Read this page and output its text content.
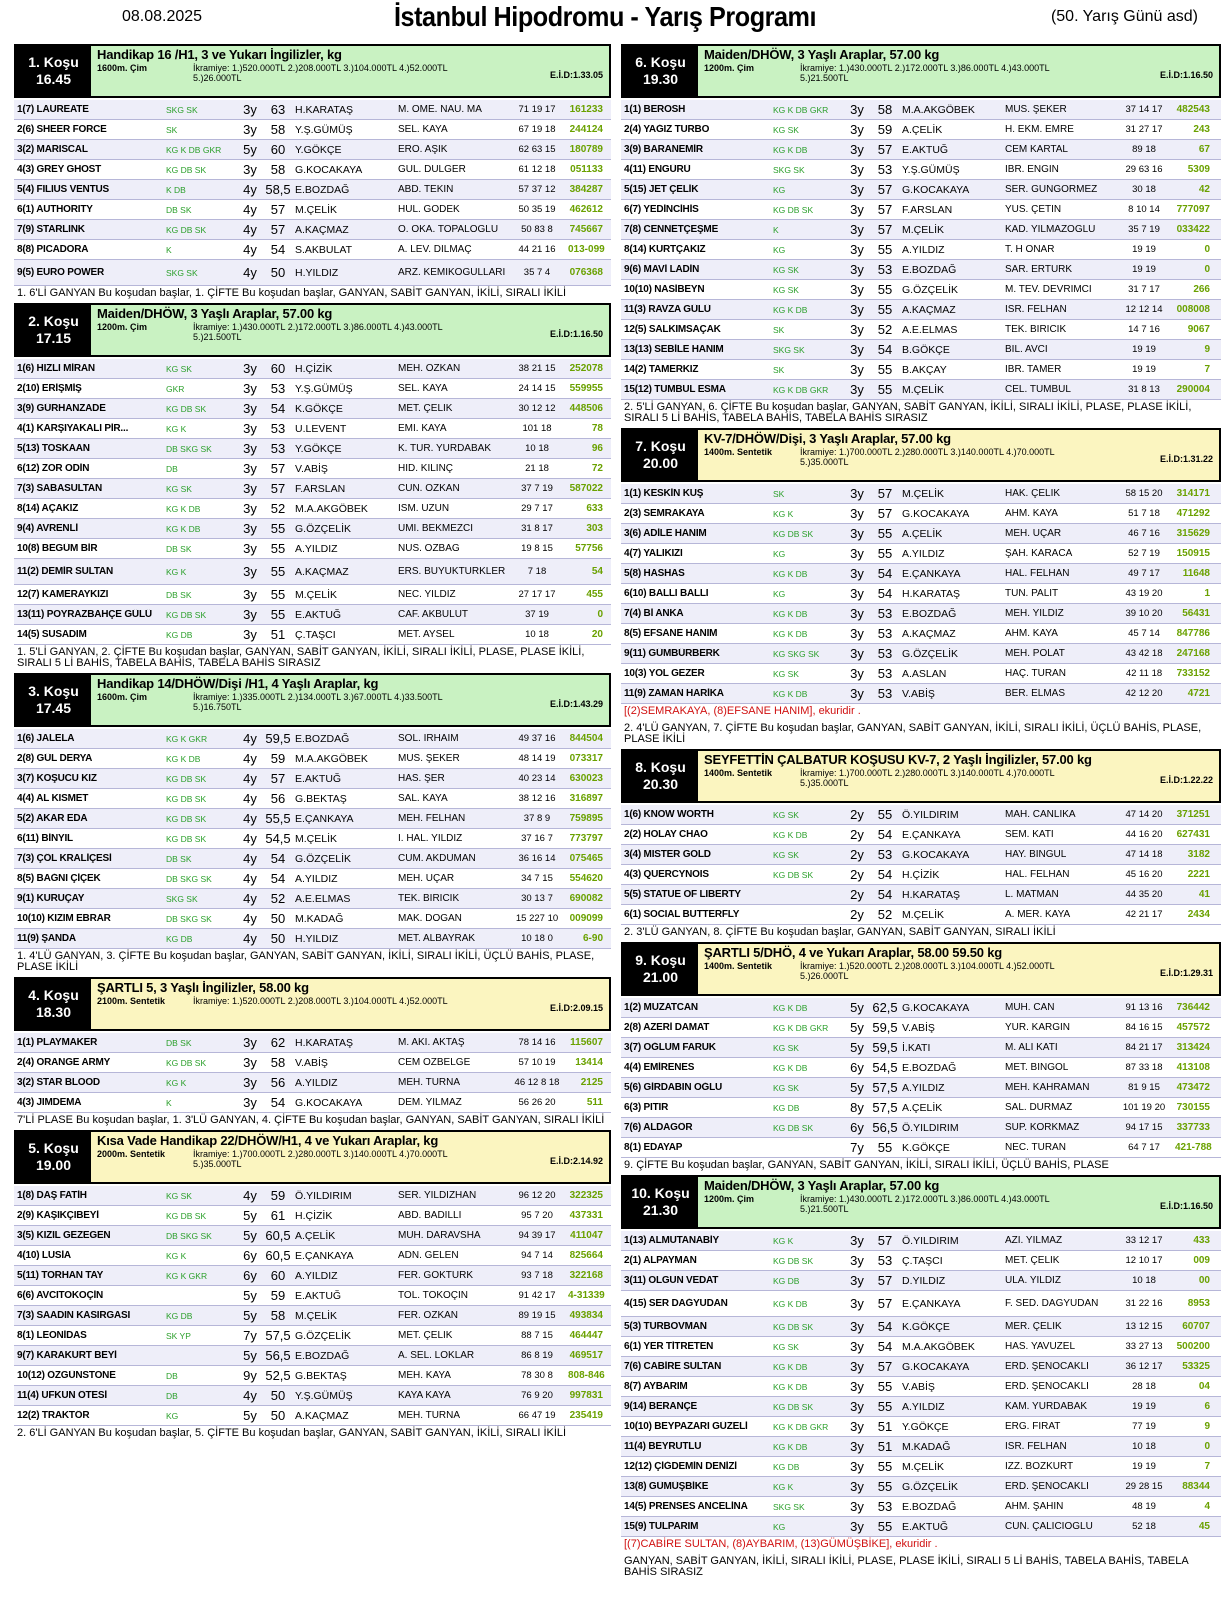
08.08.2025	İstanbul Hipodromu - Yarış Programı	(50. Yarış Günü asd)
1. Koşu
16.45
Handikap 16 /H1, 3 ve Yukarı İngilizler, kg
1600m. Çim	İkramiye: 1.)520.000TL 2.)208.000TL 3.)104.000TL 4.)52.000TL 5.)26.000TL	E.İ.D:1.33.05
1(7) LAUREATE	SKG SK	3y	63 H.KARATAŞ	M. ÖME. NAU. MA	71 19 17	161233
2(6) SHEER FORCE	SK	3y	58 Y.Ş.GÜMÜŞ	SEL. KAYA	67 19 18	244124
3(2) MARISCAL	KG K DB GKR	5y	60 Y.GÖKÇE	ERO. AŞIK	62 63 15	180789
4(3) GREY GHOST	KG DB SK	3y	58 G.KOCAKAYA	GÜL. DÜLGER	61 12 18	051133
5(4) FILIUS VENTUS	K DB	4y 58,5 E.BOZDAĞ	ABD. TEKİN	57 37 12	384287
6(1) AUTHORITY	DB SK	4y	57 M.ÇELİK	HÜL. GÖDEK	50 35 19	462612
7(9) STARLINK	KG DB SK	4y	57 A.KAÇMAZ	O. OKA. TOPALOĞLU	50 83 8	745667
8(8) PICADORA	K	4y	54 S.AKBULAT	A. LEV. DİLMAÇ	44 21 16	013-099
9(5) EURO POWER	SKG SK	4y	50 H.YILDIZ	ARZ. KEMİKOĞULLARI	35 7 4	076368
1. 6'Lİ GANYAN Bu koşudan başlar, 1. ÇİFTE Bu koşudan başlar, GANYAN, SABİT GANYAN, İKİLİ, SIRALI İKİLİ
2. Koşu
17.15
Maiden/DHÖW, 3 Yaşlı Araplar, 57.00 kg
1200m. Çim	İkramiye: 1.)430.000TL 2.)172.000TL 3.)86.000TL 4.)43.000TL 5.)21.500TL	E.İ.D:1.16.50
1(6) HIZLI MİRAN	KG SK	3y	60 H.ÇİZİK	MEH. ÖZKAN	38 21 15	252078
2(10) ERİŞMİŞ	GKR	3y	53 Y.Ş.GÜMÜŞ	SEL. KAYA	24 14 15	559955
3(9) GÜRHANZADE	KG DB SK	3y	54 K.GÖKÇE	MET. ÇELİK	30 12 12	448506
4(1) KARŞIYAKALI PİR...	KG K	3y	53 U.LEVENT	EMİ. KAYA	101 18	78
5(13) TOSKAAN	DB SKG SK	3y	53 Y.GÖKÇE	K. TUR. YURDABAK	10 18	96
6(12) ZOR ODİN	DB	3y	57 V.ABİŞ	HID. KILINÇ	21 18	72
7(3) SABASULTAN	KG SK	3y	57 F.ARSLAN	CÜN. ÖZKAN	37 7 19	587022
8(14) AÇAKIZ	KG K DB	3y	52 M.A.AKGÖBEK	İSM. UZUN	29 7 17	633
9(4) AVRENLİ	KG K DB	3y	55 G.ÖZÇELİK	ÜMİ. BEKMEZCİ	31 8 17	303
10(8) BEGÜM BİR	DB SK	3y	55 A.YILDIZ	NUS. ÖZBAĞ	19 8 15	57756
11(2) DEMİR SULTAN	KG K	3y	55 A.KAÇMAZ	ERS. BÜYÜKTÜRKLER	7 18	54
12(7) KAMERAYKIZI	DB SK	3y	55 M.ÇELİK	NEC. YILDIZ	27 17 17	455
13(11) POYRAZBAHÇE GÜLÜ	KG DB SK	3y	55 E.AKTUĞ	CAF. AKBULUT	37 19	0
14(5) SUSADIM	KG DB	3y	51 Ç.TAŞCI	MET. AYSEL	10 18	20
1. 5'Lİ GANYAN, 2. ÇİFTE Bu koşudan başlar, GANYAN, SABİT GANYAN, İKİLİ, SIRALI İKİLİ, PLASE, PLASE İKİLİ, SIRALI 5 Lİ BAHİS, TABELA BAHİS, TABELA BAHİS SIRASIZ
3. Koşu
17.45
Handikap 14/DHÖW/Dişi /H1, 4 Yaşlı Araplar, kg
1600m. Çim	İkramiye: 1.)335.000TL 2.)134.000TL 3.)67.000TL 4.)33.500TL 5.)16.750TL	E.İ.D:1.43.29
1(6) JALELA	KG K GKR	4y 59,5 E.BOZDAĞ	SOL. IRHAIM	49 37 16	844504
2(8) GÜL DERYA	KG K DB	4y	59 M.A.AKGÖBEK	MÜS. ŞEKER	48 14 19	073317
3(7) KOŞUCU KIZ	KG DB SK	4y	57 E.AKTUĞ	HAS. ŞER	40 23 14	630023
4(4) AL KISMET	KG DB SK	4y	56 G.BEKTAŞ	SAL. KAYA	38 12 16	316897
5(2) AKAR EDA	KG DB SK	4y 55,5 E.ÇANKAYA	MEH. FELHAN	37 8 9	759895
6(11) BİNYIL	KG DB SK	4y 54,5 M.ÇELİK	İ. HAL. YILDIZ	37 16 7	773797
7(3) ÇÖL KRALİÇESİ	DB SK	4y	54 G.ÖZÇELİK	CUM. AKDUMAN	36 16 14	075465
8(5) BAĞNI ÇİÇEK	DB SKG SK	4y	54 A.YILDIZ	MEH. UÇAR	34 7 15	554620
9(1) KURUÇAY	SKG SK	4y	52 A.E.ELMAS	TEK. BİRİCİK	30 13 7	690082
10(10) KIZIM EBRAR	DB SKG SK	4y	50 M.KADAĞ	MAK. DOĞAN	15 227 10	009099
11(9) ŞANDA	KG DB	4y	50 H.YILDIZ	MET. ALBAYRAK	10 18 0	6-90
1. 4'LÜ GANYAN, 3. ÇİFTE Bu koşudan başlar, GANYAN, SABİT GANYAN, İKİLİ, SIRALI İKİLİ, ÜÇLÜ BAHİS, PLASE, PLASE İKİLİ
4. Koşu
18.30
ŞARTLI 5, 3 Yaşlı İngilizler, 58.00 kg
2100m. Sentetik	İkramiye: 1.)520.000TL 2.)208.000TL 3.)104.000TL 4.)52.000TL
E.İ.D:2.09.15
1(1) PLAYMAKER	DB SK	3y	62 H.KARATAŞ	M. AKİ. AKTAŞ	78 14 16	115607
2(4) ORANGE ARMY	KG DB SK	3y	58 V.ABİŞ	CEM ÖZBELGE	57 10 19	13414
3(2) STAR BLOOD	KG K	3y	56 A.YILDIZ	MEH. TURNA	46 12 8 18	2125
4(3) JIMDEMA	K	3y	54 G.KOCAKAYA	DEM. YILMAZ	56 26 20	511
7'Lİ PLASE Bu koşudan başlar, 1. 3'LÜ GANYAN, 4. ÇİFTE Bu koşudan başlar, GANYAN, SABİT GANYAN, SIRALI İKİLİ
5. Koşu
19.00
Kısa Vade Handikap 22/DHÖW/H1, 4 ve Yukarı Araplar, kg
2000m. Sentetik	İkramiye: 1.)700.000TL 2.)280.000TL 3.)140.000TL 4.)70.000TL 5.)35.000TL	E.İ.D:2.14.92
1(8) DAŞ FATİH	KG SK	4y	59 Ö.YILDIRIM	SER. YILDIZHAN	96 12 20	322325
2(9) KAŞIKÇIBEYİ	KG DB SK	5y	61 H.ÇİZİK	ABD. BADILLI	95 7 20	437331
3(5) KIZIL GEZEGEN	DB SKG SK	5y 60,5 A.ÇELİK	MUH. DARAVSHA	94 39 17	411047
4(10) LUSİA	KG K	6y 60,5 E.ÇANKAYA	ADN. GELEN	94 7 14	825664
5(11) TORHAN TAY	KG K GKR	6y	60 A.YILDIZ	FER. GÖKTÜRK	93 7 18	322168
6(6) AVCITOKOÇİN	5y	59 E.AKTUĞ	TOL. TOKOÇİN	91 42 17	4-31339
7(3) SAADIN KASIRGASI	KG DB	5y	58 M.ÇELİK	FER. ÖZKAN	89 19 15	493834
8(1) LEONİDAS	SK YP	7y 57,5 G.ÖZÇELİK	MET. ÇELİK	88 7 15	464447
9(7) KARAKURT BEYİ	5y 56,5 E.BOZDAĞ	A. SEL. LOKLAR	86 8 19	469517
10(12) ÖZGÜNSTONE	DB	9y 52,5 G.BEKTAŞ	MEH. KAYA	78 30 8	808-846
11(4) UFKUN ÖTESİ	DB	4y	50 Y.Ş.GÜMÜŞ	KAYA KAYA	76 9 20	997831
12(2) TRAKTÖR	KG	5y	50 A.KAÇMAZ	MEH. TURNA	66 47 19	235419
2. 6'Lİ GANYAN Bu koşudan başlar, 5. ÇİFTE Bu koşudan başlar, GANYAN, SABİT GANYAN, İKİLİ, SIRALI İKİLİ
6. Koşu
19.30
Maiden/DHÖW, 3 Yaşlı Araplar, 57.00 kg
1200m. Çim	İkramiye: 1.)430.000TL 2.)172.000TL 3.)86.000TL 4.)43.000TL 5.)21.500TL	E.İ.D:1.16.50
1(1) BEROSH	KG K DB GKR	3y	58 M.A.AKGÖBEK	MÜS. ŞEKER	37 14 17	482543
2(4) YAĞIZ TURBO	KG SK	3y	59 A.ÇELİK	H. EKM. EMRE	31 27 17	243
3(9) BARANEMİR	KG K DB	3y	57 E.AKTUĞ	CEM KARTAL	89 18	67
4(11) ENGÜRÜ	SKG SK	3y	53 Y.Ş.GÜMÜŞ	İBR. ENGİN	29 63 16	5309
5(15) JET ÇELİK	KG	3y	57 G.KOCAKAYA	SER. GÜNGÖRMEZ	30 18	42
6(7) YEDİNCİHİS	KG DB SK	3y	57 F.ARSLAN	YUS. ÇETİN	8 10 14	777097
7(8) CENNETÇEŞME	K	3y	57 M.ÇELİK	KAD. YILMAZOĞLU	35 7 19	033422
8(14) KURTÇAKIZ	KG	3y	55 A.YILDIZ	T. H ONAR	19 19	0
9(6) MAVİ LADİN	KG SK	3y	53 E.BOZDAĞ	SAR. ERTÜRK	19 19	0
10(10) NASİBEYN	KG SK	3y	55 G.ÖZÇELİK	M. TEV. DEVRİMCİ	31 7 17	266
11(3) RAVZA GÜLÜ	KG K DB	3y	55 A.KAÇMAZ	İSR. FELHAN	12 12 14	008008
12(5) SALKIMSAÇAK	SK	3y	52 A.E.ELMAS	TEK. BİRİCİK	14 7 16	9067
13(13) SEBİLE HANIM	SKG SK	3y	54 B.GÖKÇE	BİL. AVCI	19 19	9
14(2) TAMERKIZ	SK	3y	55 B.AKÇAY	İBR. TAMER	19 19	7
15(12) TUMBUL ESMA	KG K DB GKR	3y	55 M.ÇELİK	CEL. TUMBUL	31 8 13	290004
2. 5'Lİ GANYAN, 6. ÇİFTE Bu koşudan başlar, GANYAN, SABİT GANYAN, İKİLİ, SIRALI İKİLİ, PLASE, PLASE İKİLİ, SIRALI 5 Lİ BAHİS, TABELA BAHİS, TABELA BAHİS SIRASIZ
7. Koşu
20.00
KV-7/DHÖW/Dişi, 3 Yaşlı Araplar, 57.00 kg
1400m. Sentetik	İkramiye: 1.)700.000TL 2.)280.000TL 3.)140.000TL 4.)70.000TL 5.)35.000TL	E.İ.D:1.31.22
1(1) KESKİN KUŞ	SK	3y	57 M.ÇELİK	HAK. ÇELİK	58 15 20	314171
2(3) SEMRAKAYA	KG K	3y	57 G.KOCAKAYA	AHM. KAYA	51 7 18	471292
3(6) ADİLE HANIM	KG DB SK	3y	55 A.ÇELİK	MEH. UÇAR	46 7 16	315629
4(7) YALIKIZI	KG	3y	55 A.YILDIZ	ŞAH. KARACA	52 7 19	150915
5(8) HASHAS	KG K DB	3y	54 E.ÇANKAYA	HAL. FELHAN	49 7 17	11648
6(10) BALLI BALLI	KG	3y	54 H.KARATAŞ	TUN. PALIT	43 19 20	1
7(4) Bİ ANKA	KG K DB	3y	53 E.BOZDAĞ	MEH. YILDIZ	39 10 20	56431
8(5) EFSANE HANIM	KG K DB	3y	53 A.KAÇMAZ	AHM. KAYA	45 7 14	847786
9(11) GÜMBÜRBERK	KG SKG SK	3y	53 G.ÖZÇELİK	MEH. POLAT	43 42 18	247168
10(3) YOL GEZER	KG SK	3y	53 A.ASLAN	HAÇ. TURAN	42 11 18	733152
11(9) ZAMAN HARİKA	KG K DB	3y	53 V.ABİŞ	BER. ELMAS	42 12 20	4721
[(2)SEMRAKAYA, (8)EFSANE HANIM], ekuridir .
2. 4'LÜ GANYAN, 7. ÇİFTE Bu koşudan başlar, GANYAN, SABİT GANYAN, İKİLİ, SIRALI İKİLİ, ÜÇLÜ BAHİS, PLASE, PLASE İKİLİ
8. Koşu
20.30
SEYFETTİN ÇALBATUR KOŞUSU KV-7, 2 Yaşlı İngilizler, 57.00 kg
1400m. Sentetik	İkramiye: 1.)700.000TL 2.)280.000TL 3.)140.000TL 4.)70.000TL 5.)35.000TL	E.İ.D:1.22.22
1(6) KNOW WORTH	KG SK	2y	55 Ö.YILDIRIM	MAH. CANLIKA	47 14 20	371251
2(2) HOLAY CHAO	KG K DB	2y	54 E.ÇANKAYA	SEM. KATI	44 16 20	627431
3(4) MISTER GOLD	KG SK	2y	53 G.KOCAKAYA	HAY. BİNGÜL	47 14 18	3182
4(3) QUERCYNOIS	KG DB SK	2y	54 H.ÇİZİK	HAL. FELHAN	45 16 20	2221
5(5) STATUE OF LIBERTY	2y	54 H.KARATAŞ	L. MATMAN	44 35 20	41
6(1) SOCIAL BUTTERFLY	2y	52 M.ÇELİK	A. MER. KAYA	42 21 17	2434
2. 3'LÜ GANYAN, 8. ÇİFTE Bu koşudan başlar, GANYAN, SABİT GANYAN, SIRALI İKİLİ
9. Koşu
21.00
ŞARTLI 5/DHÖ, 4 ve Yukarı Araplar, 58.00 59.50 kg
1400m. Sentetik	İkramiye: 1.)520.000TL 2.)208.000TL 3.)104.000TL 4.)52.000TL 5.)26.000TL	E.İ.D:1.29.31
1(2) MUZATCAN	KG K DB	5y 62,5 G.KOCAKAYA	MUH. CAN	91 13 16	736442
2(8) AZERİ DAMAT	KG K DB GKR	5y 59,5 V.ABİŞ	YUR. KARGIN	84 16 15	457572
3(7) OĞLUM FARUK	KG SK	5y 59,5 İ.KATI	M. ALİ KATI	84 21 17	313424
4(4) EMİRENES	KG K DB	6y 54,5 E.BOZDAĞ	MET. BİNGÖL	87 33 18	413108
5(6) GİRDABIN OĞLU	KG SK	5y 57,5 A.YILDIZ	MEH. KAHRAMAN	81 9 15	473472
6(3) PITIR	KG DB	8y 57,5 A.ÇELİK	SAL. DURMAZ	101 19 20	730155
7(6) ALDAGÖR	KG DB SK	6y 56,5 Ö.YILDIRIM	SÜP. KORKMAZ	94 17 15	337733
8(1) EDAYAP	7y	55 K.GÖKÇE	NEC. TURAN	64 7 17	421-788
9. ÇİFTE Bu koşudan başlar, GANYAN, SABİT GANYAN, İKİLİ, SIRALI İKİLİ, ÜÇLÜ BAHİS, PLASE
10. Koşu
21.30
Maiden/DHÖW, 3 Yaşlı Araplar, 57.00 kg
1200m. Çim	İkramiye: 1.)430.000TL 2.)172.000TL 3.)86.000TL 4.)43.000TL 5.)21.500TL	E.İ.D:1.16.50
1(13) ALMUTANABİY	KG K	3y	57 Ö.YILDIRIM	AZİ. YILMAZ	33 12 17	433
2(1) ALPAYMAN	KG DB SK	3y	53 Ç.TAŞCI	MET. ÇELİK	12 10 17	009
3(11) OLGUN VEDAT	KG DB	3y	57 D.YILDIZ	ULA. YILDIZ	10 18	00
4(15) SER DAĞYUDAN	KG K DB	3y	57 E.ÇANKAYA	F. SED. DAĞYUDAN	31 22 16	8953
5(3) TURBOVMAN	KG DB SK	3y	54 K.GÖKÇE	MER. ÇELİK	13 12 15	60707
6(1) YER TİTRETEN	KG SK	3y	54 M.A.AKGÖBEK	HAS. YAVUZEL	33 27 13	500200
7(6) CABİRE SULTAN	KG K DB	3y	57 G.KOCAKAYA	ERD. ŞENOCAKLI	36 12 17	53325
8(7) AYBARIM	KG K DB	3y	55 V.ABİŞ	ERD. ŞENOCAKLI	28 18	04
9(14) BERANÇE	KG DB SK	3y	55 A.YILDIZ	KAM. YURDABAK	19 19	6
10(10) BEYPAZARI GÜZELİ	KG K DB GKR	3y	51 Y.GÖKÇE	ERG. FIRAT	77 19	9
11(4) BEYRUTLU	KG K DB	3y	51 M.KADAĞ	İSR. FELHAN	10 18	0
12(12) ÇİĞDEMİN DENİZİ	KG DB	3y	55 M.ÇELİK	İZZ. BOZKURT	19 19	7
13(8) GÜMÜŞBİKE	KG K	3y	55 G.ÖZÇELİK	ERD. ŞENOCAKLI	29 28 15	88344
14(5) PRENSES ANCELİNA	SKG SK	3y	53 E.BOZDAĞ	AHM. ŞAHİN	48 19	4
15(9) TULPARIM	KG	3y	55 E.AKTUĞ	CÜN. ÇALICIOĞLU	52 18	45
[(7)CABİRE SULTAN, (8)AYBARIM, (13)GÜMÜŞBİKE], ekuridir .
GANYAN, SABİT GANYAN, İKİLİ, SIRALI İKİLİ, PLASE, PLASE İKİLİ, SIRALI 5 Lİ BAHİS, TABELA BAHİS, TABELA BAHİS SIRASIZ
